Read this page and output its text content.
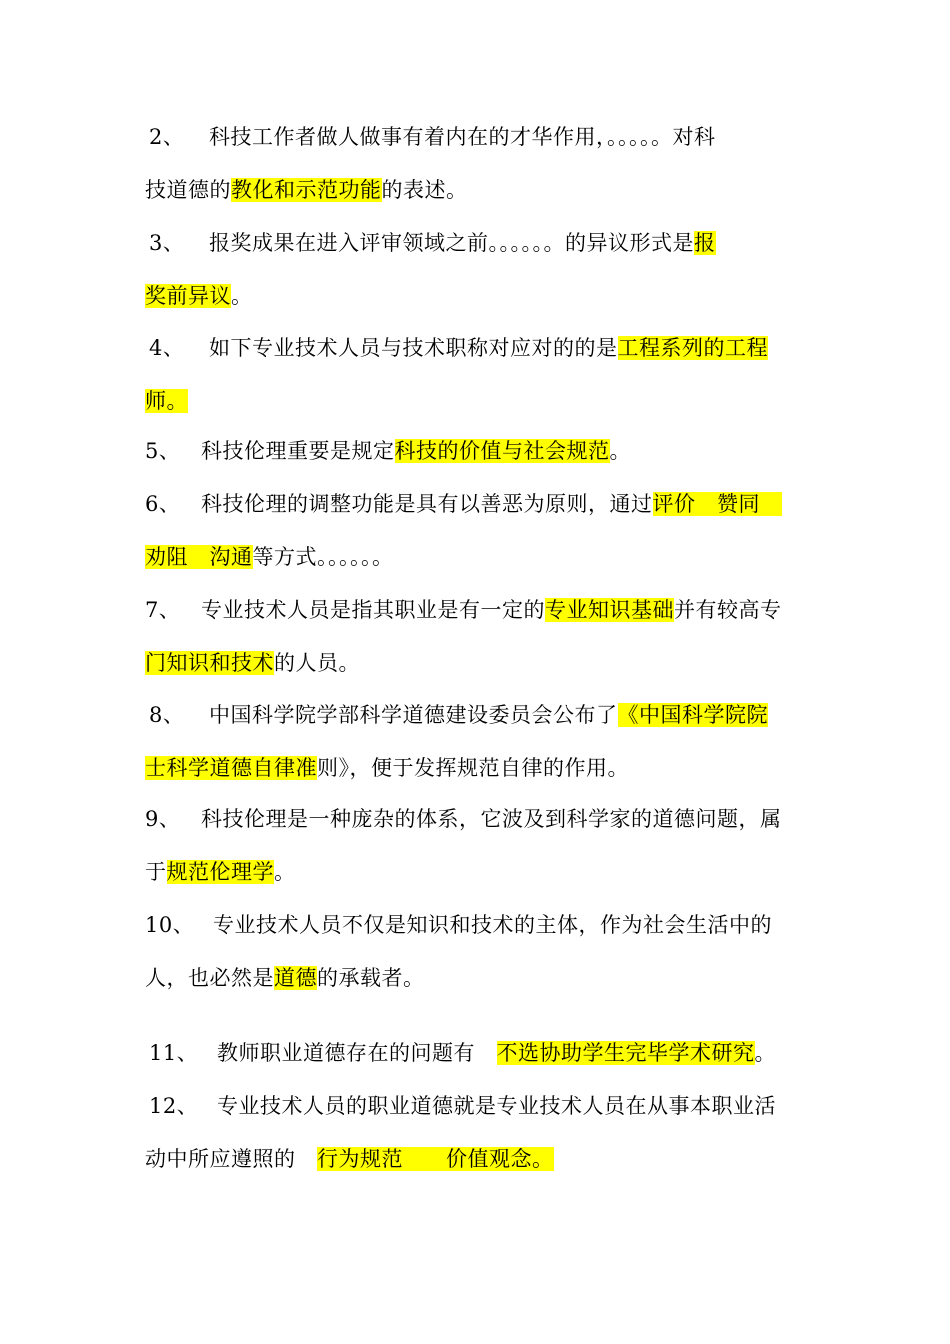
2、 科技工作者做人做事有着内在的才华作用，。。。。。对科
技道德的教化和示范功能的表述。
3、 报奖成果在进入评审领域之前。。。。。。的异议形式是报
奖前异议。
4、 如下专业技术人员与技术职称对应对的的是工程系列的工程
师。
5、 科技伦理重要是规定科技的价值与社会规范。
6、 科技伦理的调整功能是具有以善恶为原则，通过评价　赞同　
劝阻　沟通等方式。。。。。。
7、 专业技术人员是指其职业是有一定的专业知识基础并有较高专
门知识和技术的人员。
8、 中国科学院学部科学道德建设委员会公布了《中国科学院院
士科学道德自律准则》，便于发挥规范自律的作用。
9、 科技伦理是一种庞杂的体系，它波及到科学家的道德问题，属
于规范伦理学。
10、 专业技术人员不仅是知识和技术的主体，作为社会生活中的
人，也必然是道德的承载者。
11、 教师职业道德存在的问题有　不选协助学生完毕学术研究。
12、 专业技术人员的职业道德就是专业技术人员在从事本职业活
动中所应遵照的　行为规范　　价值观念。
